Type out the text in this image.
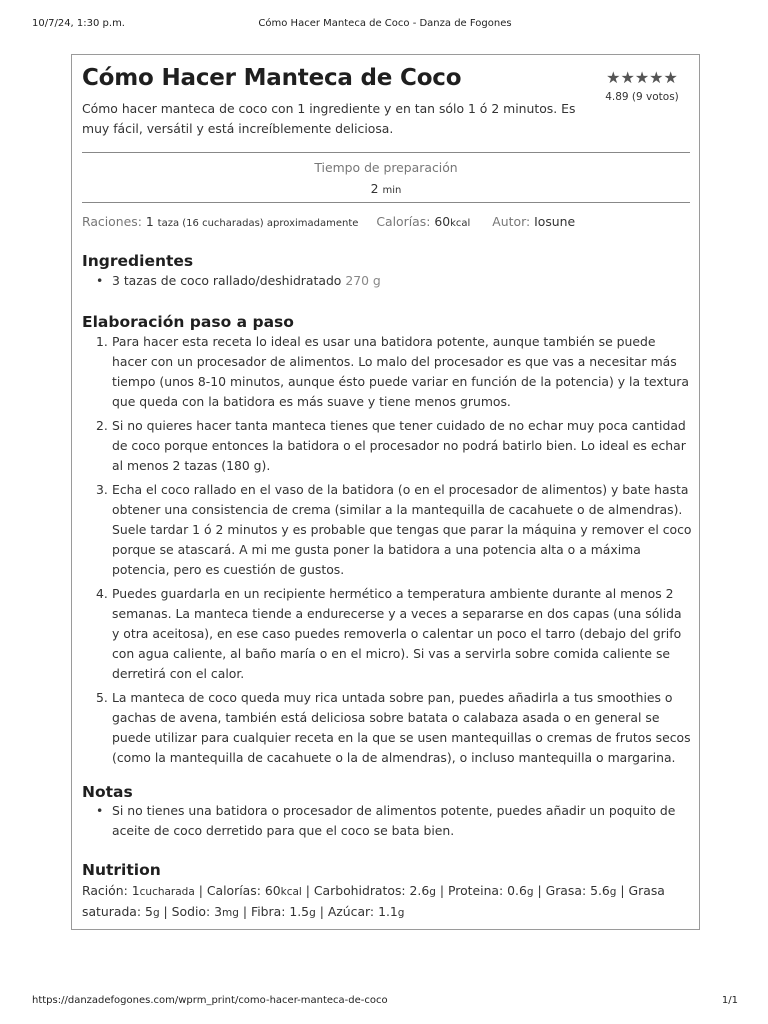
10/7/24, 1:30 p.m.	Cómo Hacer Manteca de Coco - Danza de Fogones
Cómo Hacer Manteca de Coco
Cómo hacer manteca de coco con 1 ingrediente y en tan sólo 1 ó 2 minutos. Es muy fácil, versátil y está increíblemente deliciosa.
★★★★★
4.89 (9 votos)
Tiempo de preparación
2 min
Raciones: 1 taza (16 cucharadas) aproximadamente Calorías: 60kcal Autor: Iosune
Ingredientes
• 3 tazas de coco rallado/deshidratado 270 g
Elaboración paso a paso
1. Para hacer esta receta lo ideal es usar una batidora potente, aunque también se puede hacer con un procesador de alimentos. Lo malo del procesador es que vas a necesitar más tiempo (unos 8-10 minutos, aunque ésto puede variar en función de la potencia) y la textura que queda con la batidora es más suave y tiene menos grumos.
2. Si no quieres hacer tanta manteca tienes que tener cuidado de no echar muy poca cantidad de coco porque entonces la batidora o el procesador no podrá batirlo bien. Lo ideal es echar al menos 2 tazas (180 g).
3. Echa el coco rallado en el vaso de la batidora (o en el procesador de alimentos) y bate hasta obtener una consistencia de crema (similar a la mantequilla de cacahuete o de almendras). Suele tardar 1 ó 2 minutos y es probable que tengas que parar la máquina y remover el coco porque se atascará. A mi me gusta poner la batidora a una potencia alta o a máxima potencia, pero es cuestión de gustos.
4. Puedes guardarla en un recipiente hermético a temperatura ambiente durante al menos 2 semanas. La manteca tiende a endurecerse y a veces a separarse en dos capas (una sólida y otra aceitosa), en ese caso puedes removerla o calentar un poco el tarro (debajo del grifo con agua caliente, al baño maría o en el micro). Si vas a servirla sobre comida caliente se derretirá con el calor.
5. La manteca de coco queda muy rica untada sobre pan, puedes añadirla a tus smoothies o gachas de avena, también está deliciosa sobre batata o calabaza asada o en general se puede utilizar para cualquier receta en la que se usen mantequillas o cremas de frutos secos (como la mantequilla de cacahuete o la de almendras), o incluso mantequilla o margarina.
Notas
• Si no tienes una batidora o procesador de alimentos potente, puedes añadir un poquito de aceite de coco derretido para que el coco se bata bien.
Nutrition
Ración: 1cucharada | Calorías: 60kcal | Carbohidratos: 2.6g | Proteina: 0.6g | Grasa: 5.6g | Grasa saturada: 5g | Sodio: 3mg | Fibra: 1.5g | Azúcar: 1.1g
https://danzadefogones.com/wprm_print/como-hacer-manteca-de-coco	1/1
